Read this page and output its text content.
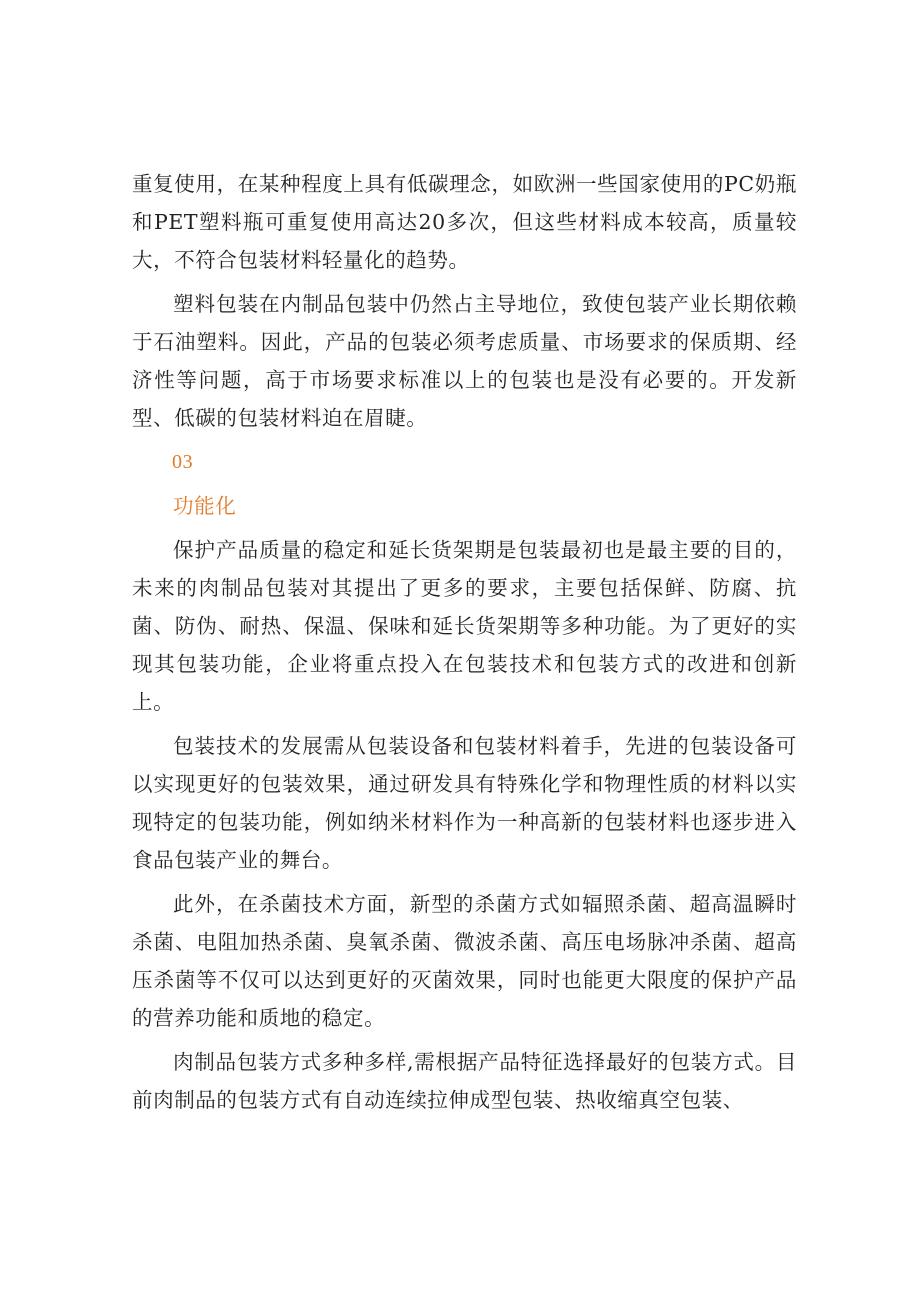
重复使用，在某种程度上具有低碳理念，如欧洲一些国家使用的PC奶瓶和PET塑料瓶可重复使用高达20多次，但这些材料成本较高，质量较大，不符合包装材料轻量化的趋势。

塑料包装在内制品包装中仍然占主导地位，致使包装产业长期依赖于石油塑料。因此，产品的包装必须考虑质量、市场要求的保质期、经济性等问题，高于市场要求标准以上的包装也是没有必要的。开发新型、低碳的包装材料迫在眉睫。

03

功能化

保护产品质量的稳定和延长货架期是包装最初也是最主要的目的，未来的肉制品包装对其提出了更多的要求，主要包括保鲜、防腐、抗菌、防伪、耐热、保温、保味和延长货架期等多种功能。为了更好的实现其包装功能，企业将重点投入在包装技术和包装方式的改进和创新上。

包装技术的发展需从包装设备和包装材料着手，先进的包装设备可以实现更好的包装效果，通过研发具有特殊化学和物理性质的材料以实现特定的包装功能，例如纳米材料作为一种高新的包装材料也逐步进入食品包装产业的舞台。

此外，在杀菌技术方面，新型的杀菌方式如辐照杀菌、超高温瞬时杀菌、电阻加热杀菌、臭氧杀菌、微波杀菌、高压电场脉冲杀菌、超高压杀菌等不仅可以达到更好的灭菌效果，同时也能更大限度的保护产品的营养功能和质地的稳定。

肉制品包装方式多种多样,需根据产品特征选择最好的包装方式。目前肉制品的包装方式有自动连续拉伸成型包装、热收缩真空包装、
